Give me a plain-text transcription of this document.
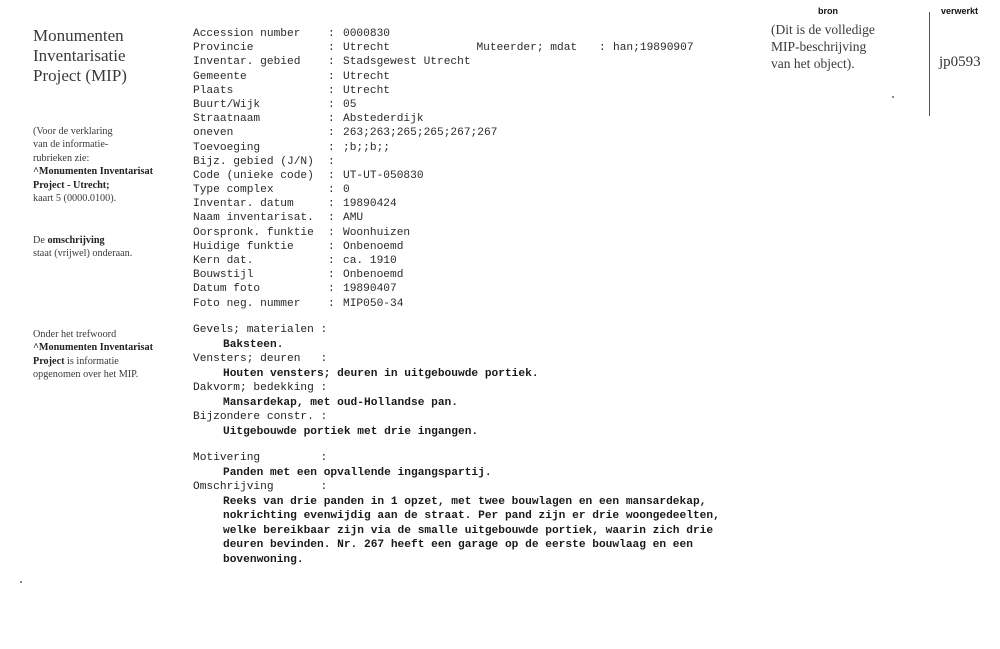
bron	verwerkt
jp0593
(Dit is de volledige
MIP-beschrijving
van het object).
Monumenten
Inventarisatie
Project (MIP)
(Voor de verklaring
van de informatie-
rubrieken zie:
^Monumenten Inventarisat
Project - Utrecht;
kaart 5 (0000.0100).
De omschrijving
staat (vrijwel) onderaan.
Onder het trefwoord
^Monumenten Inventarisat
Project is informatie
opgenomen over het MIP.
Accession number : 0000830
Provincie	: Utrecht
Inventar. gebied : Stadsgewest Utrecht
Gemeente	: Utrecht
Plaats	: Utrecht
Buurt/Wijk	: 05
Straatnaam	: Abstederdijk
oneven	: 263;263;265;265;267;267
Toevoeging	: ;b;;b;;
Bijz. gebied (J/N) :
Code (unieke code) : UT-UT-050830
Type complex	: 0
Inventar. datum	: 19890424
Naam inventarisat. : AMU
Oorspronk. funktie : Woonhuizen
Huidige funktie	: Onbenoemd
Kern dat.	: ca. 1910
Bouwstijl	: Onbenoemd
Datum foto	: 19890407
Foto neg. nummer : MIP050-34

Muteerder; mdat : han;19890907

Gevels; materialen :
Baksteen.
Vensters; deuren   :
Houten vensters; deuren in uitgebouwde portiek.
Dakvorm; bedekking :
Mansardekap, met oud-Hollandse pan.
Bijzondere constr. :
Uitgebouwde portiek met drie ingangen.
Motivering         :
Panden met een opvallende ingangspartij.
Omschrijving       :
Reeks van drie panden in 1 opzet, met twee bouwlagen en een mansardekap,
nokrichting evenwijdig aan de straat. Per pand zijn er drie woongedeelten,
welke bereikbaar zijn via de smalle uitgebouwde portiek, waarin zich drie
deuren bevinden. Nr. 267 heeft een garage op de eerste bouwlaag en een
bovenwoning.
